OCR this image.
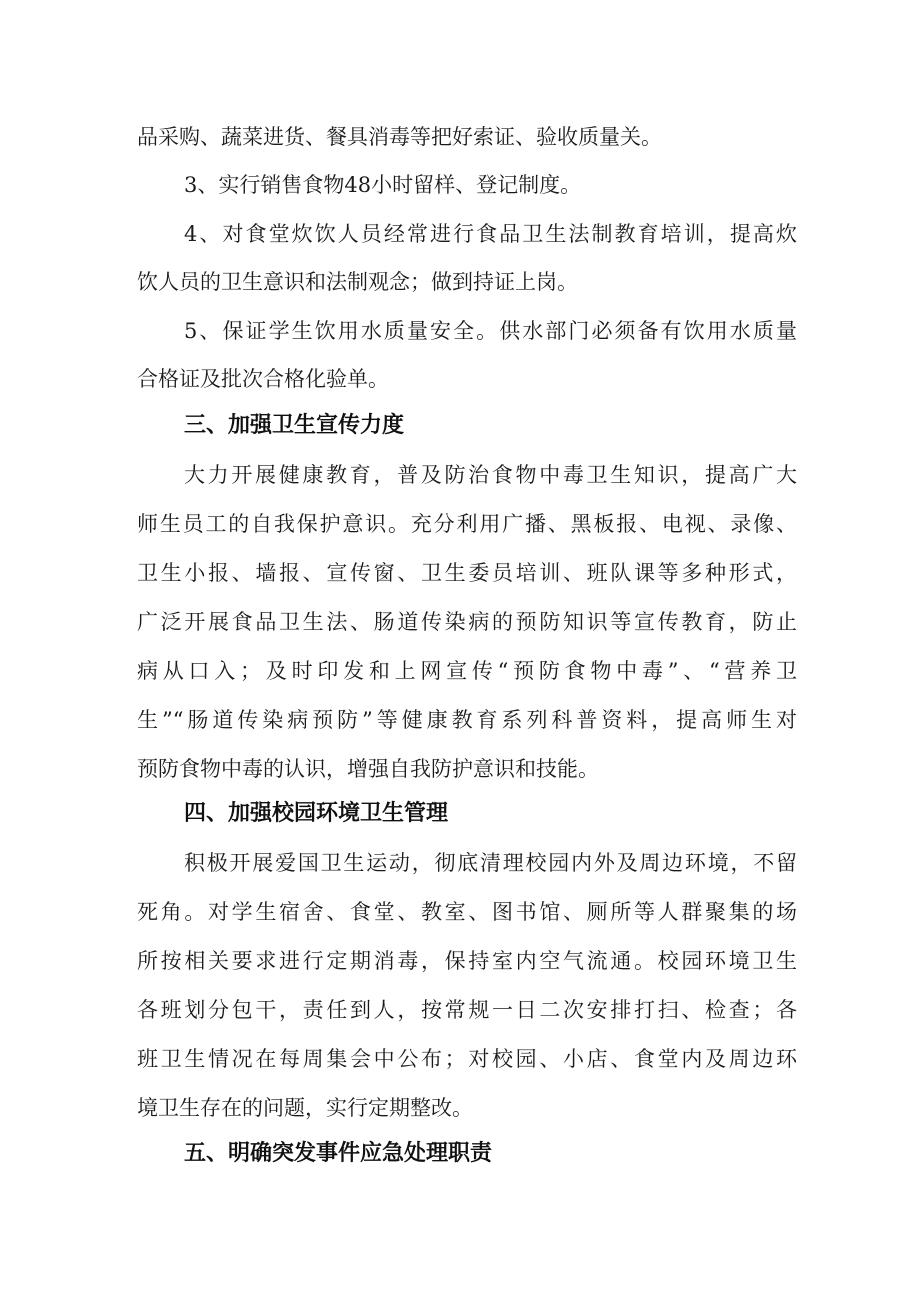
品采购、蔬菜进货、餐具消毒等把好索证、验收质量关。
3、实行销售食物48小时留样、登记制度。
4、对食堂炊饮人员经常进行食品卫生法制教育培训，提高炊
饮人员的卫生意识和法制观念；做到持证上岗。
5、保证学生饮用水质量安全。供水部门必须备有饮用水质量
合格证及批次合格化验单。
三、加强卫生宣传力度
大力开展健康教育，普及防治食物中毒卫生知识，提高广大
师生员工的自我保护意识。充分利用广播、黑板报、电视、录像、
卫生小报、墙报、宣传窗、卫生委员培训、班队课等多种形式，
广泛开展食品卫生法、肠道传染病的预防知识等宣传教育，防止
病从口入；及时印发和上网宣传“预防食物中毒”、“营养卫
生”“肠道传染病预防”等健康教育系列科普资料，提高师生对
预防食物中毒的认识，增强自我防护意识和技能。
四、加强校园环境卫生管理
积极开展爱国卫生运动，彻底清理校园内外及周边环境，不留
死角。对学生宿舍、食堂、教室、图书馆、厕所等人群聚集的场
所按相关要求进行定期消毒，保持室内空气流通。校园环境卫生
各班划分包干，责任到人，按常规一日二次安排打扫、检查；各
班卫生情况在每周集会中公布；对校园、小店、食堂内及周边环
境卫生存在的问题，实行定期整改。
五、明确突发事件应急处理职责
